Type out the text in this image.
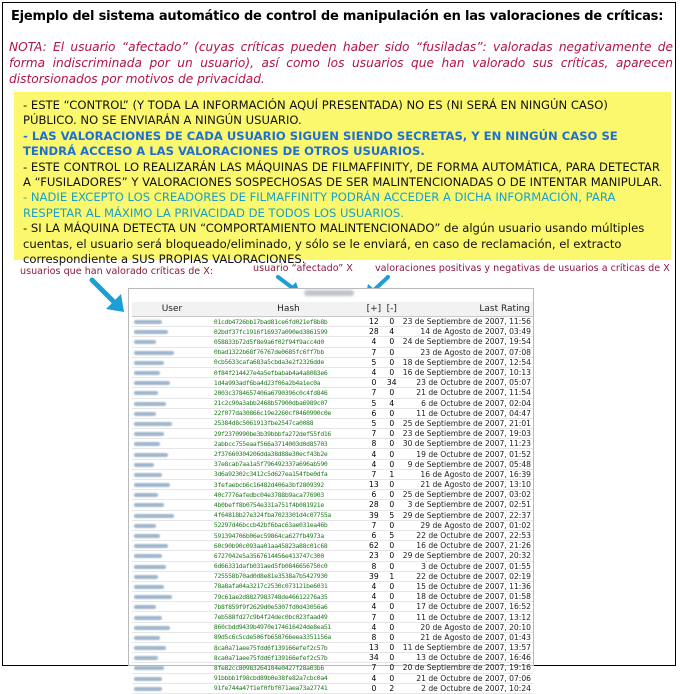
Ejemplo del sistema automático de control de manipulación en las valoraciones de críticas:
NOTA: El usuario “afectado” (cuyas críticas pueden haber sido “fusiladas”: valoradas negativamente de forma indiscriminada por un usuario), así como los usuarios que han valorado sus críticas, aparecen distorsionados por motivos de privacidad.

- ESTE “CONTROL” (Y TODA LA INFORMACIÓN AQUÍ PRESENTADA) NO ES (NI SERÁ EN NINGÚN CASO) PÚBLICO. NO SE ENVIARÁN A NINGÚN USUARIO.

- LAS VALORACIONES DE CADA USUARIO SIGUEN SIENDO SECRETAS, Y EN NINGÚN CASO SE TENDRÁ ACCESO A LAS VALORACIONES DE OTROS USUARIOS.

- ESTE CONTROL LO REALIZARÁN LAS MÁQUINAS DE FILMAFFINITY, DE FORMA AUTOMÁTICA, PARA DETECTAR A “FUSILADORES” Y VALORACIONES SOSPECHOSAS DE SER MALINTENCIONADAS O DE INTENTAR MANIPULAR.

- NADIE EXCEPTO LOS CREADORES DE FILMAFFINITY PODRÁN ACCEDER A DICHA INFORMACIÓN, PARA RESPETAR AL MÁXIMO LA PRIVACIDAD DE TODOS LOS USUARIOS.

- SI LA MÁQUINA DETECTA UN “COMPORTAMIENTO MALINTENCIONADO” de algún usuario usando múltiples cuentas, el usuario será bloqueado/eliminado, y sólo se le enviará, en caso de reclamación, el extracto correspondiente a SUS PROPIAS VALORACIONES.

usuarios que han valorado críticas de X:	usuario “afectado” X valoraciones positivas y negativas de usuarios a críticas de X
User	Hash	[+]	[-]	Last Rating
	01cdb4726bb17bad81ce6fd021ef8b8b	12	0	23 de Septiembre de 2007, 11:56
	02bdf37fc1916f16937a090ed3861599	28	4	14 de Agosto de 2007, 03:49
	058833b72d5f8e9a6f02f94f9acc4d0	4	0	24 de Septiembre de 2007, 19:54
	0bad1322b68f76767de0685fc6ff7bb	7	0	23 de Agosto de 2007, 07:08
	0cb5633cafa683a5cbda3e2f2326dde	5	0	18 de Septiembre de 2007, 12:54
	0f84f214427e4a5efbabab4a4a8083e6	4	0	16 de Septiembre de 2007, 10:13
	1d4a993adf6ba4d23f06a2b4a1ec0a	0	34	23 de Octubre de 2007, 05:07
	2003c3784657406a6790396c0c4fd846	7	0	21 de Octubre de 2007, 11:54
	21c2c90a3abb2468b57900dba6989c07	5	4	6 de Octubre de 2007, 02:04
	22f077da30866c19e2260cf0460990c0e	6	0	11 de Octubre de 2007, 04:47
	25384d8c5061913fbe2547ca0088	5	0	25 de Septiembre de 2007, 21:01
	29f2370990be3b39bbbfa272def55fd16	7	0	23 de Septiembre de 2007, 19:03
	2abbcc755eaaf566a3714003d0d85703	8	0	30 de Septiembre de 2007, 11:23
	2f37660304206dda38d88e30ecf43b2e	4	0	19 de Octubre de 2007, 01:52
	37e8cab7aa1a5f796492337a696ab590	4	0	9 de Septiembre de 2007, 05:48
	3d6a92302c3412c5d627ea154fbe0dfa	7	1	16 de Agosto de 2007, 16:39
	3fefaebcb6c16482d406a3bf2809392	13	0	21 de Agosto de 2007, 13:10
	40c7776afedbc04e3788b9aca776903	6	0	25 de Septiembre de 2007, 03:02
	4b0beff8b0754e331a751f4b081921e	28	0	3 de Septiembre de 2007, 02:51
	4f64818b27e324fba7023301d4c07755a	39	5	29 de Septiembre de 2007, 22:37
	52297d46bccb42bf6bac63ae031ea46b	7	0	29 de Agosto de 2007, 01:02
	591394706b06ec59864ca627fb4973a	6	5	22 de Octubre de 2007, 22:53
	60c90b90c093aa01aa45823a88c01c68	62	0	16 de Octubre de 2007, 21:26
	6727042e5a3567614456e413747c300	23	0	29 de Septiembre de 2007, 20:32
	6d66331dafb031aed5fb0846656750c0	8	0	3 de Octubre de 2007, 01:55
	725558b70ad0d8e81e3538a7b5427930	39	1	22 de Octubre de 2007, 02:19
	78a8afa04a3217c2530c073121be6031	4	0	15 de Octubre de 2007, 11:36
	79c61ae2d8827983748de46612276a35	4	0	18 de Octubre de 2007, 01:58
	7b8f859f9f2629d0e5307fd0d43056a6	4	0	17 de Octubre de 2007, 16:52
	7eb588fd27c9b4f24dec0bc023faad49	7	0	11 de Octubre de 2007, 13:12
	860cbdd9439b4970e174616424de8ea51	4	0	20 de Agosto de 2007, 20:10
	89d5c6c5cde506fb658766eea3351156a	8	0	21 de Agosto de 2007, 01:43
	8ca0a71aee75fdd6f139166efef2c57b	13	0	11 de Septiembre de 2007, 13:57
	8ca0a71aee75fdd6f139166efef2c57b	34	0	13 de Octubre de 2007, 16:46
	8fe82cc80983264104e0427f28a03b6	7	0	20 de Septiembre de 2007, 19:16
	91bbbb1f98cbd89b0e38fe82a7cbc0a4	4	0	21 de Octubre de 2007, 07:06
	91fe744a47f1ef0fbf071aea73a27741	0	2	2 de Octubre de 2007, 10:24
